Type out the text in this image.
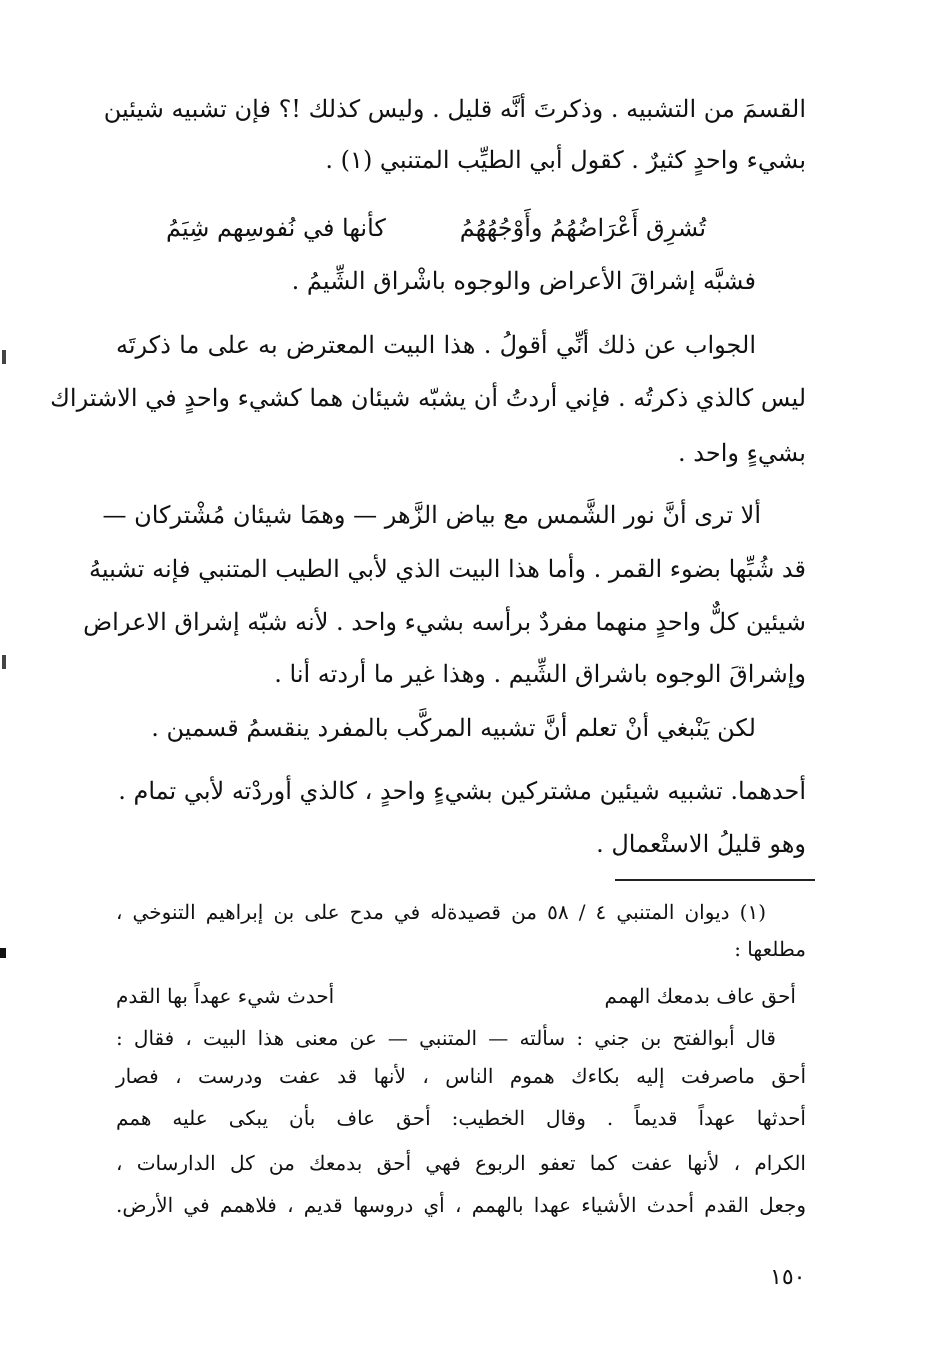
القسمَ من التشبيه . وذكرتَ أنَّه قليل . وليس كذلك !؟ فإن تشبيه شيئين
بشيء واحدٍ كثيرٌ . كقول أبي الطيِّب المتنبي (١) .
تُشرِق أَعْرَاضُهُمُ وأَوْجُهُهُمُ
كأنها في نُفوسِهم شِيَمُ
فشبَّه إشراقَ الأعراض والوجوه باشْراق الشِّيمُ .
الجواب عن ذلك أنِّي أقولُ . هذا البيت المعترض به على ما ذكرتَه
ليس كالذي ذكرتُه . فإني أردتُ أن يشبّه شيئان هما كشيء واحدٍ في الاشتراك
بشيءٍ واحد .
ألا ترى أنَّ نور الشَّمس مع بياض الزَّهر — وهمَا شيئان مُشْتركان —
قد شُبِّها بضوء القمر . وأما هذا البيت الذي لأبي الطيب المتنبي فإنه تشبيهُ
شيئين كلٌّ واحدٍ منهما مفردٌ برأسه بشيء واحد . لأنه شبّه إشراق الاعراض
وإشراقَ الوجوه باشراق الشِّيم . وهذا غير ما أردته أنا .
لكن يَنْبغي أنْ تعلم أنَّ تشبيه المركَّب بالمفرد ينقسمُ قسمين .
أحدهما. تشبيه شيئين مشتركين بشيءٍ واحدٍ ، كالذي أوردْته لأبي تمام .
وهو قليلُ الاستْعمال .
(١) ديوان المتنبي ٤ / ٥٨ من قصيدةله في مدح على بن إبراهيم التنوخي ،
مطلعها :
أحق عاف بدمعك الهمم
أحدث شيء عهداً بها القدم
قال أبوالفتح بن جني : سألته — المتنبي — عن معنى هذا البيت ، فقال :
أحق ماصرفت إليه بكاءك هموم الناس ، لأنها قد عفت ودرست ، فصار
أحدثها عهداً قديماً . وقال الخطيب: أحق عاف بأن يبكى عليه همم
الكرام ، لأنها عفت كما تعفو الربوع فهي أحق بدمعك من كل الدارسات ،
وجعل القدم أحدث الأشياء عهدا بالهمم ، أي دروسها قديم ، فلاهمم في الأرض.
١٥٠
